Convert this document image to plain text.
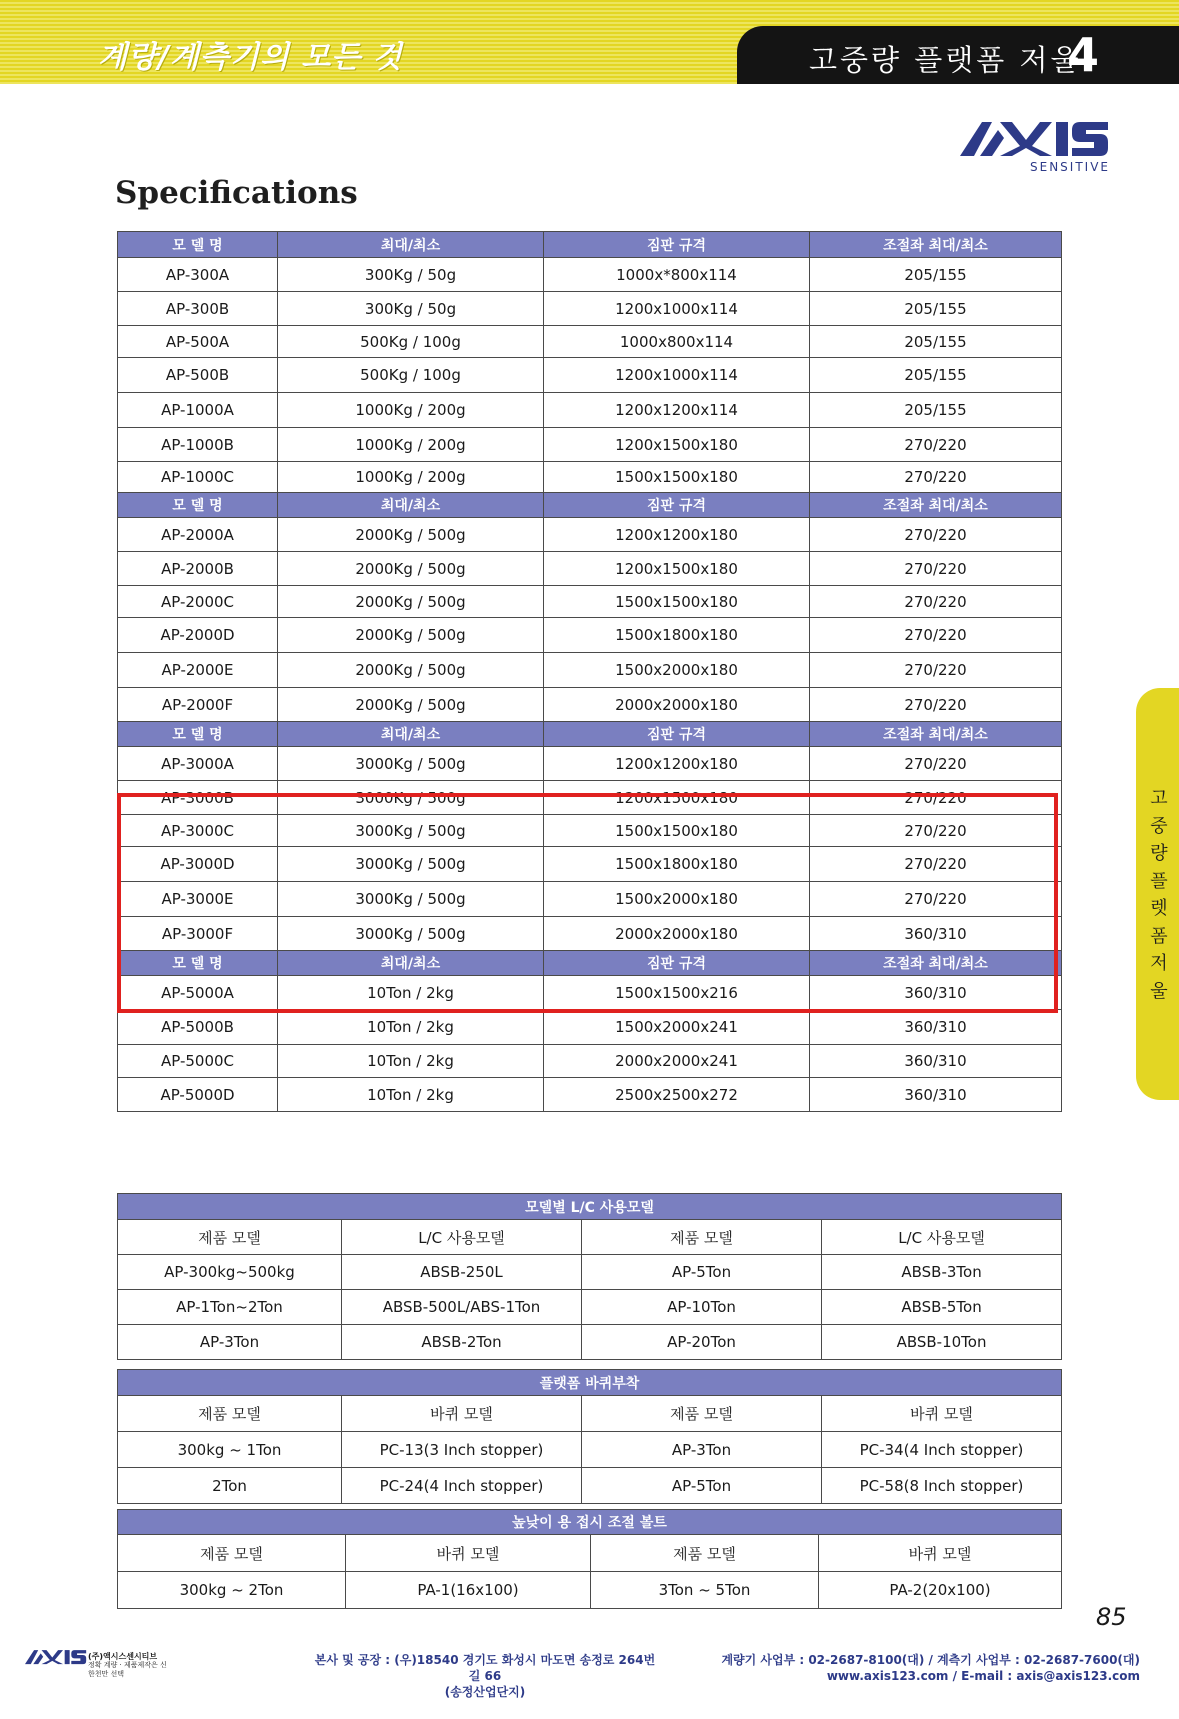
계량/계측기의 모든 것	고중량 플랫폼 저울
4
SENSITIVE
Specifications
모 델 명	최대/최소	짐판 규격	조절좌 최대/최소
AP-300A	300Kg / 50g	1000x*800x114	205/155
AP-300B	300Kg / 50g	1200x1000x114	205/155
AP-500A	500Kg / 100g	1000x800x114	205/155
AP-500B	500Kg / 100g	1200x1000x114	205/155
AP-1000A	1000Kg / 200g	1200x1200x114	205/155
AP-1000B	1000Kg / 200g	1200x1500x180	270/220
AP-1000C	1000Kg / 200g	1500x1500x180	270/220
모 델 명	최대/최소	짐판 규격	조절좌 최대/최소
AP-2000A	2000Kg / 500g	1200x1200x180	270/220
AP-2000B	2000Kg / 500g	1200x1500x180	270/220
AP-2000C	2000Kg / 500g	1500x1500x180	270/220
AP-2000D	2000Kg / 500g	1500x1800x180	270/220
AP-2000E	2000Kg / 500g	1500x2000x180	270/220
AP-2000F	2000Kg / 500g	2000x2000x180	270/220
모 델 명	최대/최소	짐판 규격	조절좌 최대/최소
AP-3000A	3000Kg / 500g	1200x1200x180	270/220
AP-3000B	3000Kg / 500g	1200x1500x180	270/220
AP-3000C	3000Kg / 500g	1500x1500x180	270/220
AP-3000D	3000Kg / 500g	1500x1800x180	270/220
AP-3000E	3000Kg / 500g	1500x2000x180	270/220
AP-3000F	3000Kg / 500g	2000x2000x180	360/310
모 델 명	최대/최소	짐판 규격	조절좌 최대/최소
AP-5000A	10Ton / 2kg	1500x1500x216	360/310
AP-5000B	10Ton / 2kg	1500x2000x241	360/310
AP-5000C	10Ton / 2kg	2000x2000x241	360/310
AP-5000D	10Ton / 2kg	2500x2500x272	360/310
모델별 L/C 사용모델			
제품 모델	L/C 사용모델	제품 모델	L/C 사용모델
AP-300kg~500kg	ABSB-250L	AP-5Ton	ABSB-3Ton
AP-1Ton~2Ton	ABSB-500L/ABS-1Ton	AP-10Ton	ABSB-5Ton
AP-3Ton	ABSB-2Ton	AP-20Ton	ABSB-10Ton
플랫폼 바퀴부착			
제품 모델	바퀴 모델	제품 모델	바퀴 모델
300kg ~ 1Ton	PC-13(3 Inch stopper)	AP-3Ton	PC-34(4 Inch stopper)
2Ton	PC-24(4 Inch stopper)	AP-5Ton	PC-58(8 Inch stopper)
높낮이 용 접시 조절 볼트			
제품 모델	바퀴 모델	제품 모델	바퀴 모델
300kg ~ 2Ton	PA-1(16x100)	3Ton ~ 5Ton	PA-2(20x100)
고중량플렛폼저울
85
(주)액시스센시티브
정확 계량 · 제품제작은 신
한천만 선택
본사 및 공장 : (우)18540 경기도 화성시 마도면 송정로 264번길 66
(송정산업단지)
계량기 사업부 : 02-2687-8100(대) / 계측기 사업부 : 02-2687-7600(대)
www.axis123.com / E-mail : axis@axis123.com
